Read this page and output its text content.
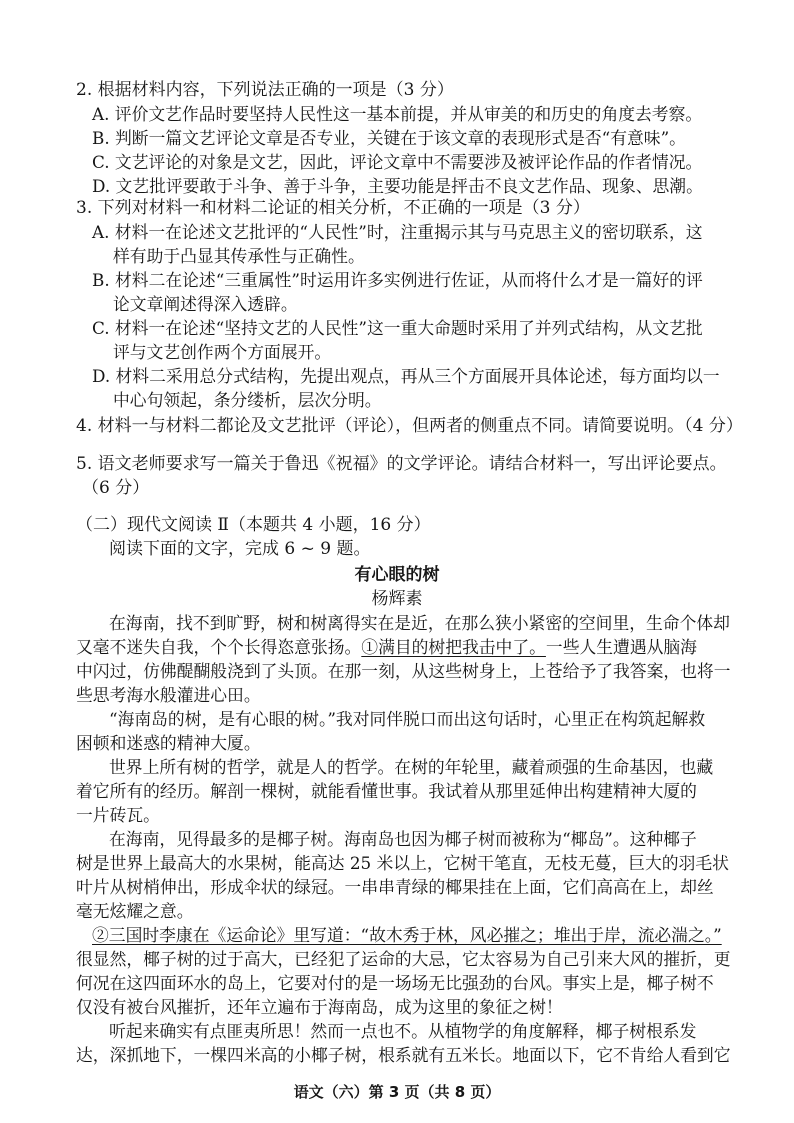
2. 根据材料内容，下列说法正确的一项是（3 分）
A. 评价文艺作品时要坚持人民性这一基本前提，并从审美的和历史的角度去考察。
B. 判断一篇文艺评论文章是否专业，关键在于该文章的表现形式是否“有意味”。
C. 文艺评论的对象是文艺，因此，评论文章中不需要涉及被评论作品的作者情况。
D. 文艺批评要敢于斗争、善于斗争，主要功能是抨击不良文艺作品、现象、思潮。
3. 下列对材料一和材料二论证的相关分析，不正确的一项是（3 分）
A. 材料一在论述文艺批评的“人民性”时，注重揭示其与马克思主义的密切联系，这
样有助于凸显其传承性与正确性。
B. 材料二在论述“三重属性”时运用许多实例进行佐证，从而将什么才是一篇好的评
论文章阐述得深入透辟。
C. 材料一在论述“坚持文艺的人民性”这一重大命题时采用了并列式结构，从文艺批
评与文艺创作两个方面展开。
D. 材料二采用总分式结构，先提出观点，再从三个方面展开具体论述，每方面均以一
中心句领起，条分缕析，层次分明。
4. 材料一与材料二都论及文艺批评（评论），但两者的侧重点不同。请简要说明。（4 分）
5. 语文老师要求写一篇关于鲁迅《祝福》的文学评论。请结合材料一，写出评论要点。
（6 分）
（二）现代文阅读 Ⅱ（本题共 4 小题，16 分）
阅读下面的文字，完成 6 ~ 9 题。
有心眼的树
杨辉素
在海南，找不到旷野，树和树离得实在是近，在那么狭小紧密的空间里，生命个体却
又毫不迷失自我，个个长得恣意张扬。①满目的树把我击中了。一些人生遭遇从脑海
中闪过，仿佛醍醐般浇到了头顶。在那一刻，从这些树身上，上苍给予了我答案，也将一
些思考海水般灌进心田。
“海南岛的树，是有心眼的树。”我对同伴脱口而出这句话时，心里正在构筑起解救
困顿和迷惑的精神大厦。
世界上所有树的哲学，就是人的哲学。在树的年轮里，藏着顽强的生命基因，也藏
着它所有的经历。解剖一棵树，就能看懂世事。我试着从那里延伸出构建精神大厦的
一片砖瓦。
在海南，见得最多的是椰子树。海南岛也因为椰子树而被称为“椰岛”。这种椰子
树是世界上最高大的水果树，能高达 25 米以上，它树干笔直，无枝无蔓，巨大的羽毛状
叶片从树梢伸出，形成伞状的绿冠。一串串青绿的椰果挂在上面，它们高高在上，却丝
毫无炫耀之意。
②三国时李康在《运命论》里写道：“故木秀于林，风必摧之；堆出于岸，流必湍之。”
很显然，椰子树的过于高大，已经犯了运命的大忌，它太容易为自己引来大风的摧折，更
何况在这四面环水的岛上，它要对付的是一场场无比强劲的台风。事实上是，椰子树不
仅没有被台风摧折，还年立遍布于海南岛，成为这里的象征之树！
听起来确实有点匪夷所思！然而一点也不。从植物学的角度解释，椰子树根系发
达，深抓地下，一棵四米高的小椰子树，根系就有五米长。地面以下，它不肯给人看到它
语文（六）第 3 页（共 8 页）
